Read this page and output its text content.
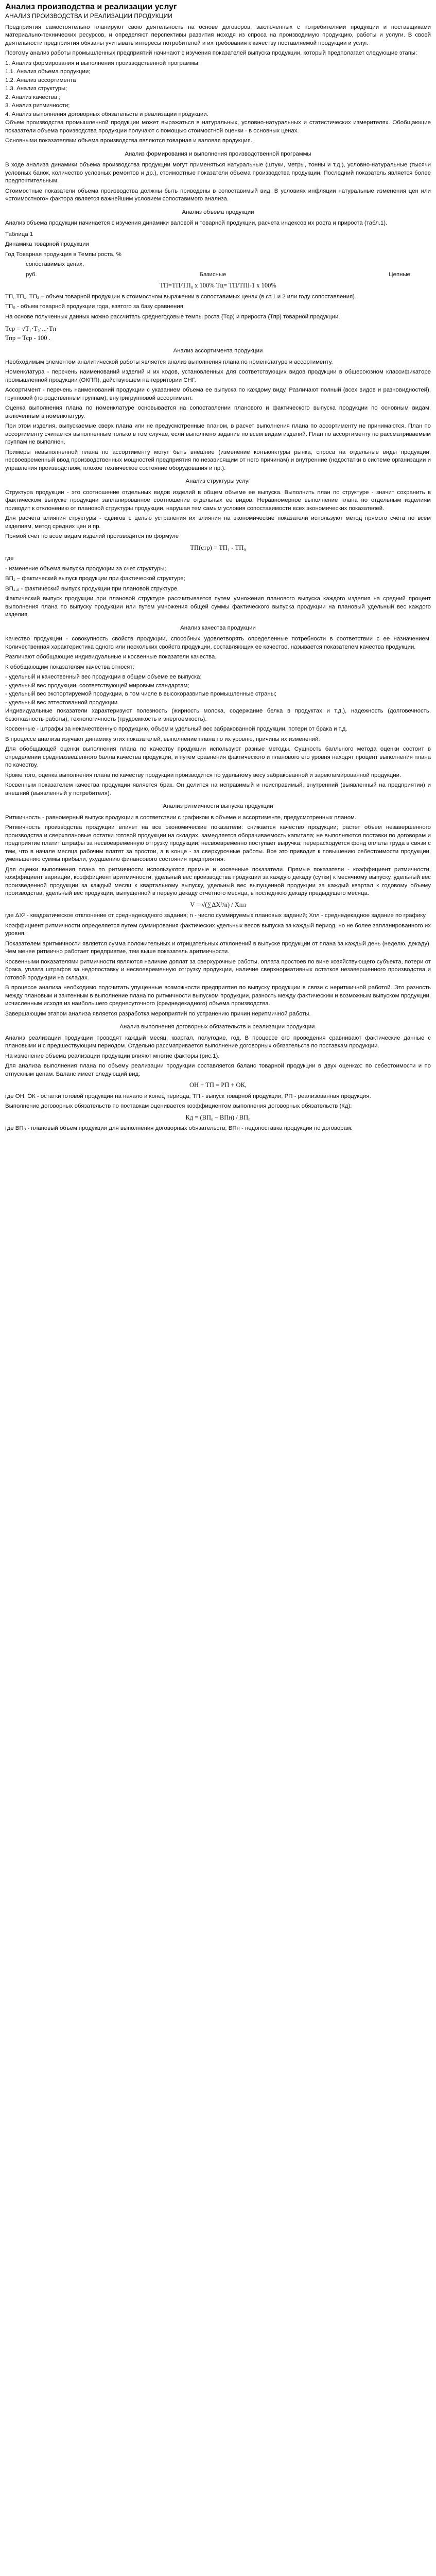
Анализ производства и реализации услуг
АНАЛИЗ ПРОИЗВОДСТВА И РЕАЛИЗАЦИИ ПРОДУКЦИИ

Предприятия самостоятельно планируют свою деятельность на основе договоров, заключенных с потребителями продукции и поставщиками материально-технических ресурсов, и определяют перспективы развития исходя из спроса на производимую продукцию, работы и услуги. В своей деятельности предприятия обязаны учитывать интересы потребителей и их требования к качеству поставляемой продукции и услуг.

Поэтому анализ работы промышленных предприятий начинают с изучения показателей выпуска продукции, который предполагает следующие этапы:

1. Анализ формирования и выполнения производственной программы;

1.1. Анализ объема продукции;

1.2. Анализ ассортимента

1.3. Анализ структуры;

2. Анализ качества ;

3. Анализ ритмичности;

4. Анализ выполнения договорных обязательств и реализации продукции.

Объем производства промышленной продукции может выражаться в натуральных, условно-натуральных и статистических измерителях. Обобщающие показатели объема производства продукции получают с помощью стоимостной оценки - в основных ценах.

Основными показателями объема производства являются товарная и валовая продукция.

Анализ формирования и выполнения производственной программы

В ходе анализа динамики объема производства продукции могут применяться натуральные (штуки, метры, тонны и т.д.), условно-натуральные (тысячи условных банок, количество условных ремонтов и др.), стоимостные показатели объема производства продукции. Последний показатель является более предпочтительным.

Стоимостные показатели объема производства должны быть приведены в сопоставимый вид. В условиях инфляции натуральные изменения цен или «стоимостного» фактора является важнейшим условием сопоставимого анализа.

Анализ объема продукции

Анализ объема продукции начинается с изучения динамики валовой и товарной продукции, расчета индексов их роста и прироста (табл.1).

Таблица 1

Динамика товарной продукции

Год Товарная продукция в Темпы роста, %

сопоставимых ценах,

руб.	Базисные	Цепные
ТП=ТП/ТП₀ х 100% Тц= ТП/ТПi-1 х 100%

ТП, ТП₁, ТП₂ – объем товарной продукции в стоимостном выражении в сопоставимых ценах (в ст.1 и 2 или году сопоставления).

ТП₀ - объем товарной продукции года, взятого за базу сравнения.

На основе полученных данных можно рассчитать среднегодовые темпы роста (Тср) и прироста (Тпр) товарной продукции.

Тср = √Т₁·Т₂·...·Тn
Тпр = Тср - 100 .
Анализ ассортимента продукции

Необходимым элементом аналитической работы является анализ выполнения плана по номенклатуре и ассортименту.

Номенклатура - перечень наименований изделий и их кодов, установленных для соответствующих видов продукции в общесоюзном классификаторе промышленной продукции (ОКПП), действующем на территории СНГ.

Ассортимент - перечень наименований продукции с указанием объема ее выпуска по каждому виду. Различают полный (всех видов и разновидностей), групповой (по родственным группам), внутригрупповой ассортимент.

Оценка выполнения плана по номенклатуре основывается на сопоставлении планового и фактического выпуска продукции по основным видам, включенным в номенклатуру.

При этом изделия, выпускаемые сверх плана или не предусмотренные планом, в расчет выполнения плана по ассортименту не принимаются. План по ассортименту считается выполненным только в том случае, если выполнено задание по всем видам изделий. План по ассортименту по рассматриваемым группам не выполнен.

Примеры невыполненной плана по ассортименту могут быть внешние (изменение конъюнктуры рынка, спроса на отдельные виды продукции, несвоевременный ввод производственных мощностей предприятия по независящим от него причинам) и внутренние (недостатки в системе организации и управления производством, плохое техническое состояние оборудования и пр.).

Анализ структуры услуг

Структура продукции - это соотношение отдельных видов изделий в общем объеме ее выпуска. Выполнить план по структуре - значит сохранить в фактическом выпуске продукции запланированное соотношение отдельных ее видов. Неравномерное выполнение плана по отдельным изделиям приводит к отклонению от плановой структуры продукции, нарушая тем самым условия сопоставимости всех экономических показателей.

Для расчета влияния структуры - сдвигов с целью устранения их влияния на экономические показатели используют метод прямого счета по всем изделиям, метод средних цен и пр.

Прямой счет по всем видам изделий производится по формуле

ТП(стр) = ТП₁ - ТП₀

где

- изменение объема выпуска продукции за счет структуры;

ВП₁ – фактический выпуск продукции при фактической структуре;

ВП₁,₀ - фактический выпуск продукции при плановой структуре.

Фактический выпуск продукции при плановой структуре рассчитывается путем умножения планового выпуска каждого изделия на средний процент выполнения плана по выпуску продукции или путем умножения общей суммы фактического выпуска продукции на плановый удельный вес каждого изделия.

Анализ качества продукции

Качество продукции - совокупность свойств продукции, способных удовлетворять определенные потребности в соответствии с ее назначением. Количественная характеристика одного или нескольких свойств продукции, составляющих ее качество, называется показателем качества продукции.

Различают обобщающие индивидуальные и косвенные показатели качества.

К обобщающим показателям качества относят:

- удельный и качественный вес продукции в общем объеме ее выпуска;

- удельный вес продукции, соответствующей мировым стандартам;

- удельный вес экспортируемой продукции, в том числе в высокоразвитые промышленные страны;

- удельный вес аттестованной продукции.

Индивидуальные показатели характеризуют полезность (жирность молока, содержание белка в продуктах и т.д.), надежность (долговечность, безотказность работы), технологичность (трудоемкость и энергоемкость).

Косвенные - штрафы за некачественную продукцию, объем и удельный вес забракованной продукции, потери от брака и т.д.

В процессе анализа изучают динамику этих показателей, выполнение плана по их уровню, причины их изменений.

Для обобщающей оценки выполнения плана по качеству продукции используют разные методы. Сущность балльного метода оценки состоит в определении средневзвешенного балла качества продукции, и путем сравнения фактического и планового его уровня находят процент выполнения плана по качеству.

Кроме того, оценка выполнения плана по качеству продукции производится по удельному весу забракованной и зарекламированной продукции.

Косвенным показателем качества продукции является брак. Он делится на исправимый и неисправимый, внутренний (выявленный на предприятии) и внешний (выявленный у потребителя).

Анализ ритмичности выпуска продукции

Ритмичность - равномерный выпуск продукции в соответствии с графиком в объеме и ассортименте, предусмотренных планом.

Ритмичность производства продукции влияет на все экономические показатели: снижается качество продукции; растет объем незавершенного производства и сверхплановые остатки готовой продукции на складах, замедляется оборачиваемость капитала; не выполняются поставки по договорам и предприятие платит штрафы за несвоевременную отгрузку продукции; несвоевременно поступает выручка; перерасходуется фонд оплаты труда в связи с тем, что в начале месяца рабочим платят за простои, а в конце - за сверхурочные работы. Все это приводит к повышению себестоимости продукции, уменьшению суммы прибыли, ухудшению финансового состояния предприятия.

Для оценки выполнения плана по ритмичности используются прямые и косвенные показатели. Прямые показатели - коэффициент ритмичности, коэффициент вариации, коэффициент аритмичности, удельный вес производства продукции за каждую декаду (сутки) к месячному выпуску, удельный вес произведенной продукции за каждый месяц к квартальному выпуску, удельный вес выпущенной продукции за каждый квартал к годовому объему производства, удельный вес продукции, выпущенной в первую декаду отчетного месяца, в последнюю декаду предыдущего месяца.

V = √(∑ΔX²/n) / Xпл

где ΔX² - квадратическое отклонение от среднедекадного задания; n - число суммируемых плановых заданий; Xпл - среднедекадное задание по графику.

Коэффициент ритмичности определяется путем суммирования фактических удельных весов выпуска за каждый период, но не более запланированного их уровня.

Показателем аритмичности является сумма положительных и отрицательных отклонений в выпуске продукции от плана за каждый день (неделю, декаду). Чем менее ритмично работает предприятие, тем выше показатель аритмичности.

Косвенными показателями ритмичности являются наличие доплат за сверхурочные работы, оплата простоев по вине хозяйствующего субъекта, потери от брака, уплата штрафов за недопоставку и несвоевременную отгрузку продукции, наличие сверхнормативных остатков незавершенного производства и готовой продукции на складах.

В процессе анализа необходимо подсчитать упущенные возможности предприятия по выпуску продукции в связи с неритмичной работой. Это разность между плановым и зачтенным в выполнение плана по ритмичности выпуском продукции, разность между фактическим и возможным выпуском продукции, исчисленным исходя из наибольшего среднесуточного (среднедекадного) объема производства.

Завершающим этапом анализа является разработка мероприятий по устранению причин неритмичной работы.

Анализ выполнения договорных обязательств и реализации продукции.

Анализ реализации продукции проводят каждый месяц, квартал, полугодие, год. В процессе его проведения сравнивают фактические данные с плановыми и с предшествующим периодом. Отдельно рассматривается выполнение договорных обязательств по поставкам продукции.

На изменение объема реализации продукции влияют многие факторы (рис.1).

Для анализа выполнения плана по объему реализации продукции составляется баланс товарной продукции в двух оценках: по себестоимости и по отпускным ценам. Баланс имеет следующий вид:

ОН + ТП = РП + ОК,

где ОН, ОК - остатки готовой продукции на начало и конец периода; ТП - выпуск товарной продукции; РП - реализованная продукция.

Выполнение договорных обязательств по поставкам оценивается коэффициентом выполнения договорных обязательств (Кд):

Кд = (ВП₀ – ВПн) / ВП₀

где ВП₀ - плановый объем продукции для выполнения договорных обязательств; ВПн - недопоставка продукции по договорам.
